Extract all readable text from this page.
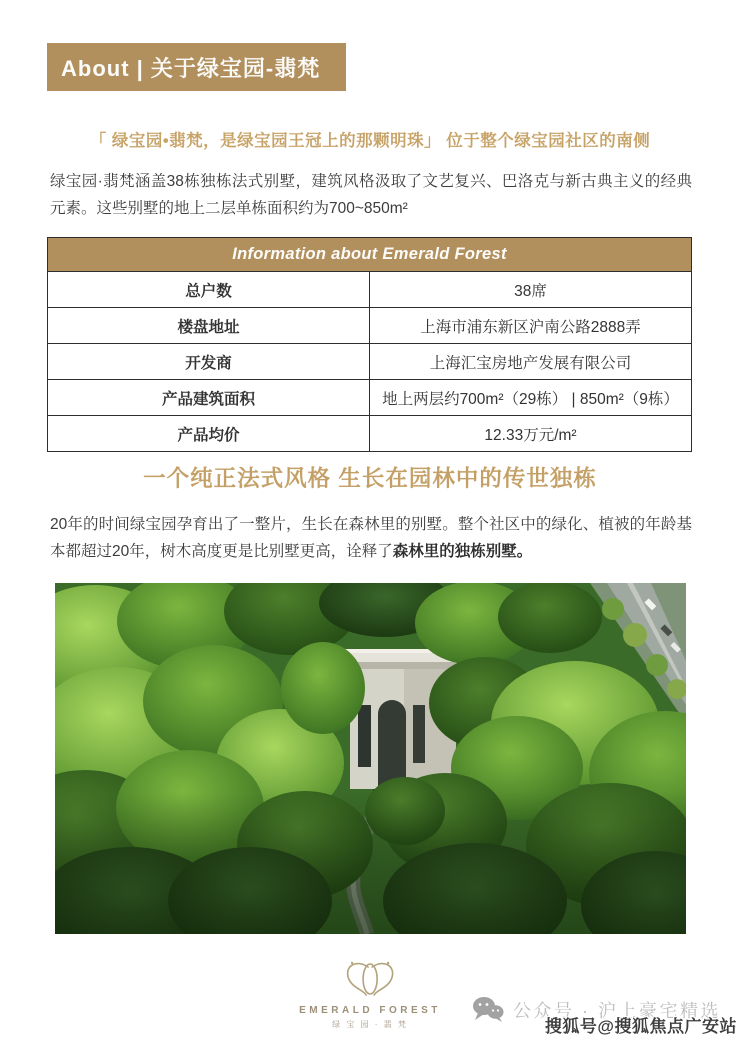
About | 关于绿宝园-翡梵
「 绿宝园•翡梵，是绿宝园王冠上的那颗明珠」 位于整个绿宝园社区的南侧
绿宝园·翡梵涵盖38栋独栋法式别墅，建筑风格汲取了文艺复兴、巴洛克与新古典主义的经典元素。这些别墅的地上二层单栋面积约为700~850m²
Information about Emerald Forest	
总户数	38席
楼盘地址	上海市浦东新区沪南公路2888弄
开发商	上海汇宝房地产发展有限公司
产品建筑面积	地上两层约700m²（29栋） | 850m²（9栋）
产品均价	12.33万元/m²
一个纯正法式风格 生长在园林中的传世独栋
20年的时间绿宝园孕育出了一整片，生长在森林里的别墅。整个社区中的绿化、植被的年龄基本都超过20年，树木高度更是比别墅更高，诠释了森林里的独栋别墅。
EMERALD FOREST
绿 宝 园 · 翡 梵
公众号 · 沪上豪宅精选
搜狐号@搜狐焦点广安站
